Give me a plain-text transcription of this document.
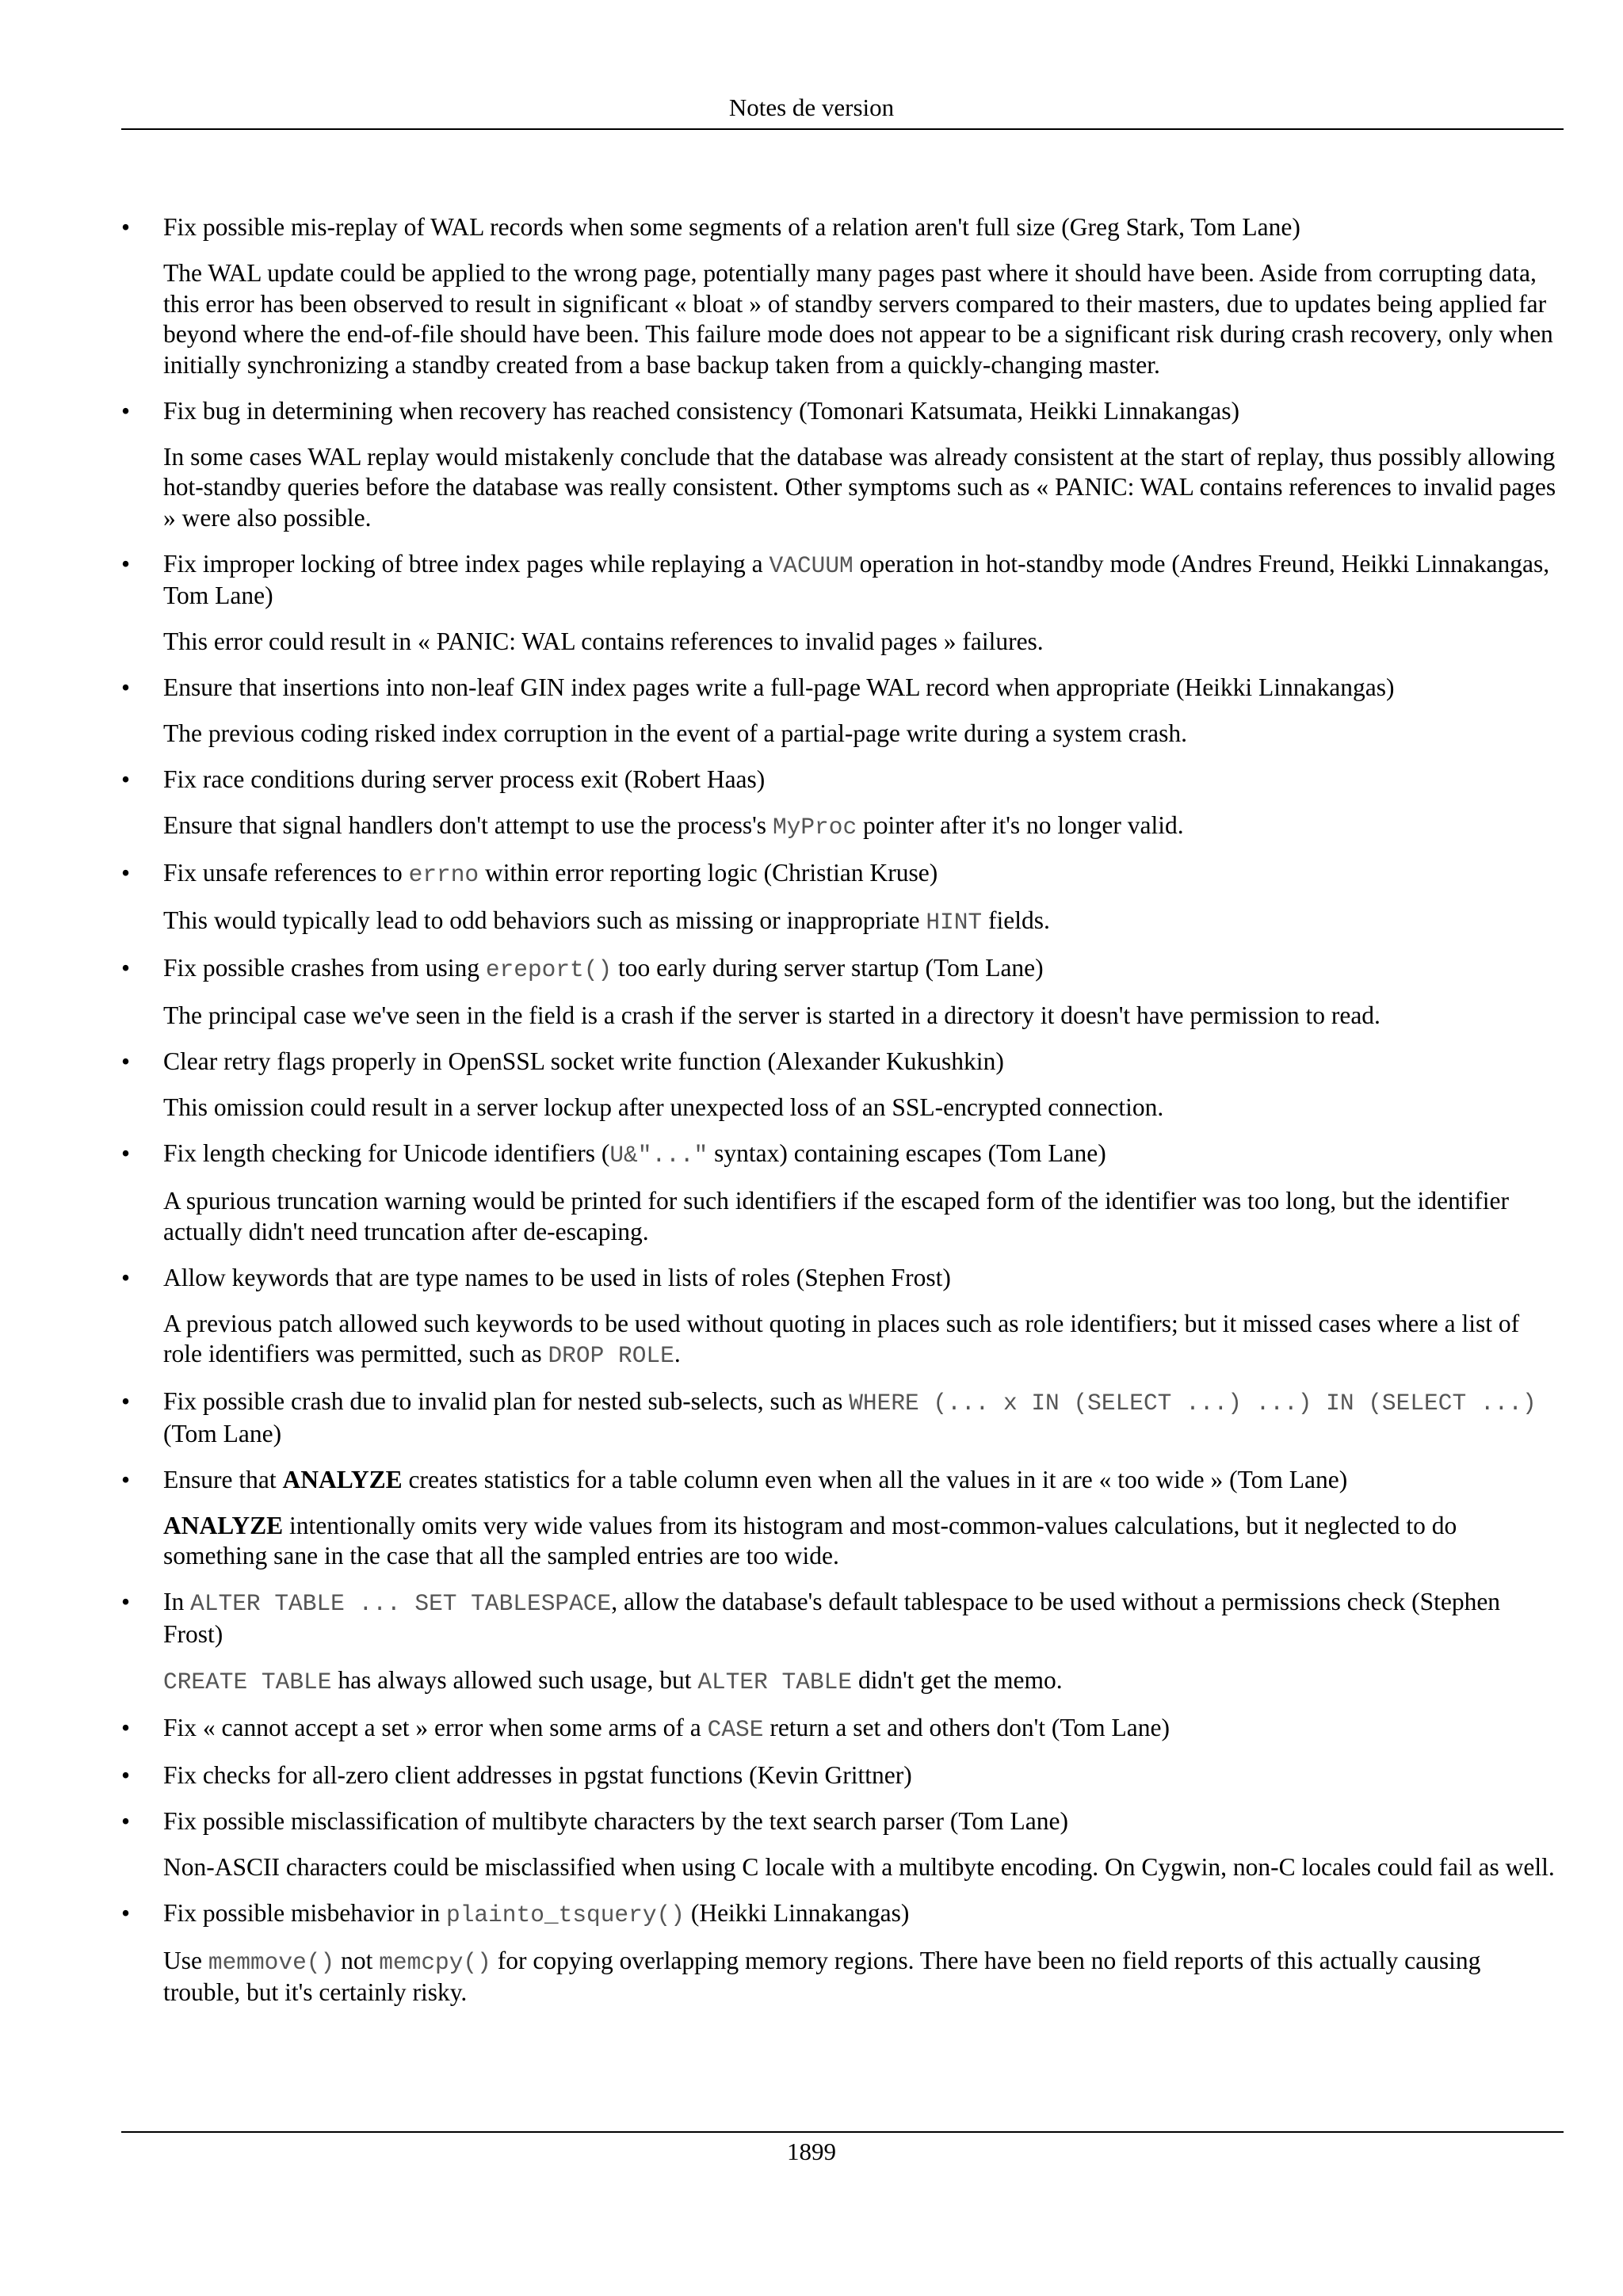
Notes de version
• Fix possible mis-replay of WAL records when some segments of a relation aren't full size (Greg Stark, Tom Lane)

The WAL update could be applied to the wrong page, potentially many pages past where it should have been. Aside from corrupting data, this error has been observed to result in significant « bloat » of standby servers compared to their masters, due to updates being applied far beyond where the end-of-file should have been. This failure mode does not appear to be a significant risk during crash recovery, only when initially synchronizing a standby created from a base backup taken from a quickly-changing master.

• Fix bug in determining when recovery has reached consistency (Tomonari Katsumata, Heikki Linnakangas)

In some cases WAL replay would mistakenly conclude that the database was already consistent at the start of replay, thus possibly allowing hot-standby queries before the database was really consistent. Other symptoms such as « PANIC: WAL contains references to invalid pages » were also possible.

• Fix improper locking of btree index pages while replaying a VACUUM operation in hot-standby mode (Andres Freund, Heikki Linnakangas, Tom Lane)

This error could result in « PANIC: WAL contains references to invalid pages » failures.

• Ensure that insertions into non-leaf GIN index pages write a full-page WAL record when appropriate (Heikki Linnakangas)

The previous coding risked index corruption in the event of a partial-page write during a system crash.

• Fix race conditions during server process exit (Robert Haas)

Ensure that signal handlers don't attempt to use the process's MyProc pointer after it's no longer valid.

• Fix unsafe references to errno within error reporting logic (Christian Kruse)

This would typically lead to odd behaviors such as missing or inappropriate HINT fields.

• Fix possible crashes from using ereport() too early during server startup (Tom Lane)

The principal case we've seen in the field is a crash if the server is started in a directory it doesn't have permission to read.

• Clear retry flags properly in OpenSSL socket write function (Alexander Kukushkin)

This omission could result in a server lockup after unexpected loss of an SSL-encrypted connection.

• Fix length checking for Unicode identifiers (U&"..." syntax) containing escapes (Tom Lane)

A spurious truncation warning would be printed for such identifiers if the escaped form of the identifier was too long, but the identifier actually didn't need truncation after de-escaping.

• Allow keywords that are type names to be used in lists of roles (Stephen Frost)

A previous patch allowed such keywords to be used without quoting in places such as role identifiers; but it missed cases where a list of role identifiers was permitted, such as DROP ROLE.

• Fix possible crash due to invalid plan for nested sub-selects, such as WHERE (... x IN (SELECT ...) ...) IN (SELECT ...) (Tom Lane)

• Ensure that ANALYZE creates statistics for a table column even when all the values in it are « too wide » (Tom Lane)

ANALYZE intentionally omits very wide values from its histogram and most-common-values calculations, but it neglected to do something sane in the case that all the sampled entries are too wide.

• In ALTER TABLE ... SET TABLESPACE, allow the database's default tablespace to be used without a permissions check (Stephen Frost)

CREATE TABLE has always allowed such usage, but ALTER TABLE didn't get the memo.

• Fix « cannot accept a set » error when some arms of a CASE return a set and others don't (Tom Lane)

• Fix checks for all-zero client addresses in pgstat functions (Kevin Grittner)

• Fix possible misclassification of multibyte characters by the text search parser (Tom Lane)

Non-ASCII characters could be misclassified when using C locale with a multibyte encoding. On Cygwin, non-C locales could fail as well.

• Fix possible misbehavior in plainto_tsquery() (Heikki Linnakangas)

Use memmove() not memcpy() for copying overlapping memory regions. There have been no field reports of this actually causing trouble, but it's certainly risky.

1899
